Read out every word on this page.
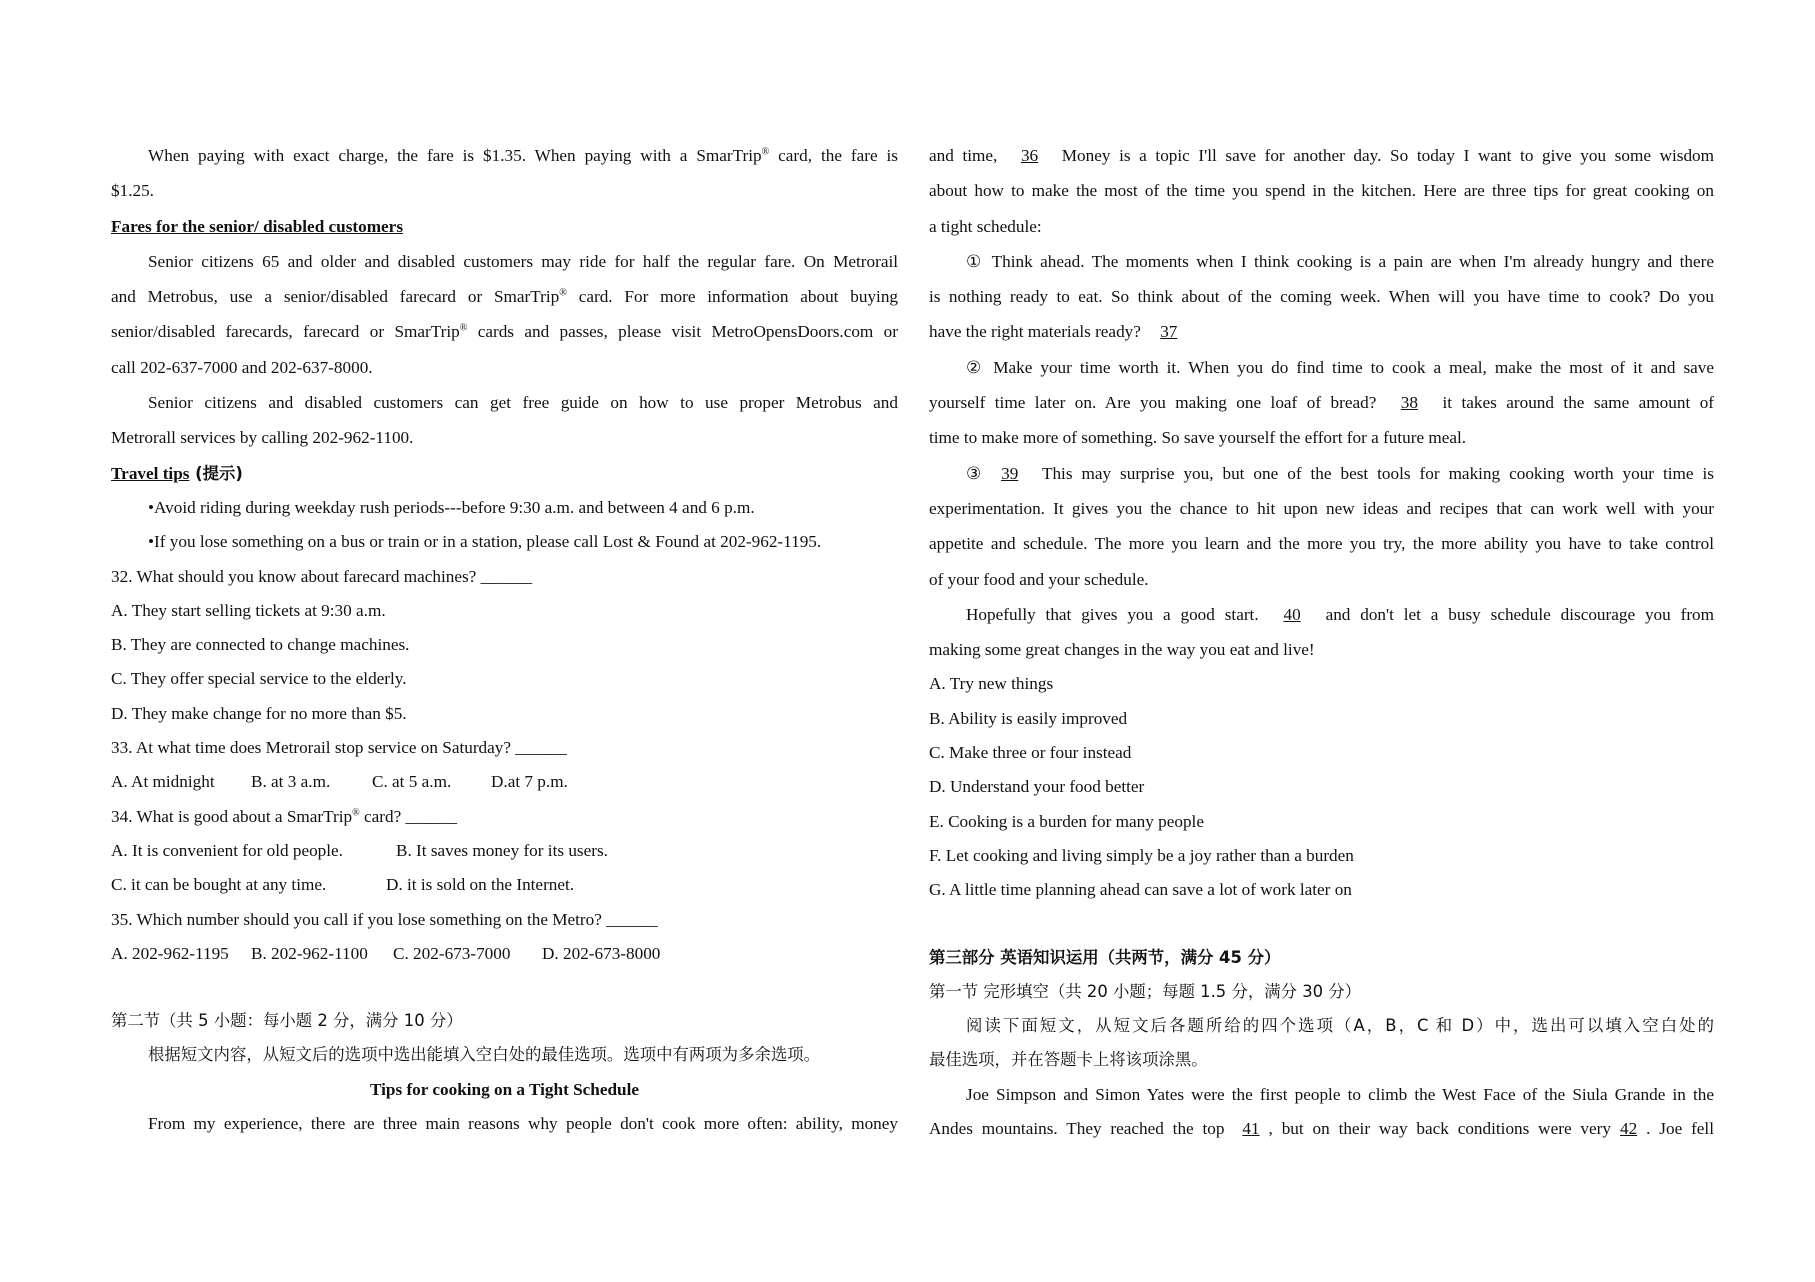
When paying with exact charge, the fare is $1.35. When paying with a SmarTrip® card, the fare is
$1.25.
Fares for the senior/ disabled customers
Senior citizens 65 and older and disabled customers may ride for half the regular fare. On Metrorail
and Metrobus, use a senior/disabled farecard or SmarTrip® card. For more information about buying
senior/disabled farecards, farecard or SmarTrip® cards and passes, please visit MetroOpensDoors.com or
call 202-637-7000 and 202-637-8000.
Senior citizens and disabled customers can get free guide on how to use proper Metrobus and
Metrorall services by calling 202-962-1100.
Travel tips (提示)
•Avoid riding during weekday rush periods---before 9:30 a.m. and between 4 and 6 p.m.
•If you lose something on a bus or train or in a station, please call Lost & Found at 202-962-1195.
32. What should you know about farecard machines? ______
A. They start selling tickets at 9:30 a.m.
B. They are connected to change machines.
C. They offer special service to the elderly.
D. They make change for no more than $5.
33. At what time does Metrorail stop service on Saturday? ______
A. At midnight B. at 3 a.m. C. at 5 a.m. D.at 7 p.m.
34. What is good about a SmarTrip® card? ______
A. It is convenient for old people.	B. It saves money for its users.
C. it can be bought at any time.	D. it is sold on the Internet.
35. Which number should you call if you lose something on the Metro? ______
A. 202-962-1195 B. 202-962-1100 C. 202-673-7000 D. 202-673-8000
第二节（共 5 小题：每小题 2 分，满分 10 分）
根据短文内容，从短文后的选项中选出能填入空白处的最佳选项。选项中有两项为多余选项。
Tips for cooking on a Tight Schedule
From my experience, there are three main reasons why people don't cook more often: ability, money
and time, 36 Money is a topic I'll save for another day. So today I want to give you some wisdom
about how to make the most of the time you spend in the kitchen. Here are three tips for great cooking on
a tight schedule:
① Think ahead. The moments when I think cooking is a pain are when I'm already hungry and there
is nothing ready to eat. So think about of the coming week. When will you have time to cook? Do you
have the right materials ready? 37
② Make your time worth it. When you do find time to cook a meal, make the most of it and save
yourself time later on. Are you making one loaf of bread? 38 it takes around the same amount of
time to make more of something. So save yourself the effort for a future meal.
③ 39 This may surprise you, but one of the best tools for making cooking worth your time is
experimentation. It gives you the chance to hit upon new ideas and recipes that can work well with your
appetite and schedule. The more you learn and the more you try, the more ability you have to take control
of your food and your schedule.
Hopefully that gives you a good start. 40 and don't let a busy schedule discourage you from
making some great changes in the way you eat and live!
A. Try new things
B. Ability is easily improved
C. Make three or four instead
D. Understand your food better
E. Cooking is a burden for many people
F. Let cooking and living simply be a joy rather than a burden
G. A little time planning ahead can save a lot of work later on
第三部分 英语知识运用（共两节，满分 45 分）
第一节 完形填空（共 20 小题；每题 1.5 分，满分 30 分）
阅读下面短文，从短文后各题所给的四个选项（A，B，C 和 D）中，选出可以填入空白处的
最佳选项，并在答题卡上将该项涂黑。
Joe Simpson and Simon Yates were the first people to climb the West Face of the Siula Grande in the
Andes mountains. They reached the top 41 , but on their way back conditions were very 42 . Joe fell
